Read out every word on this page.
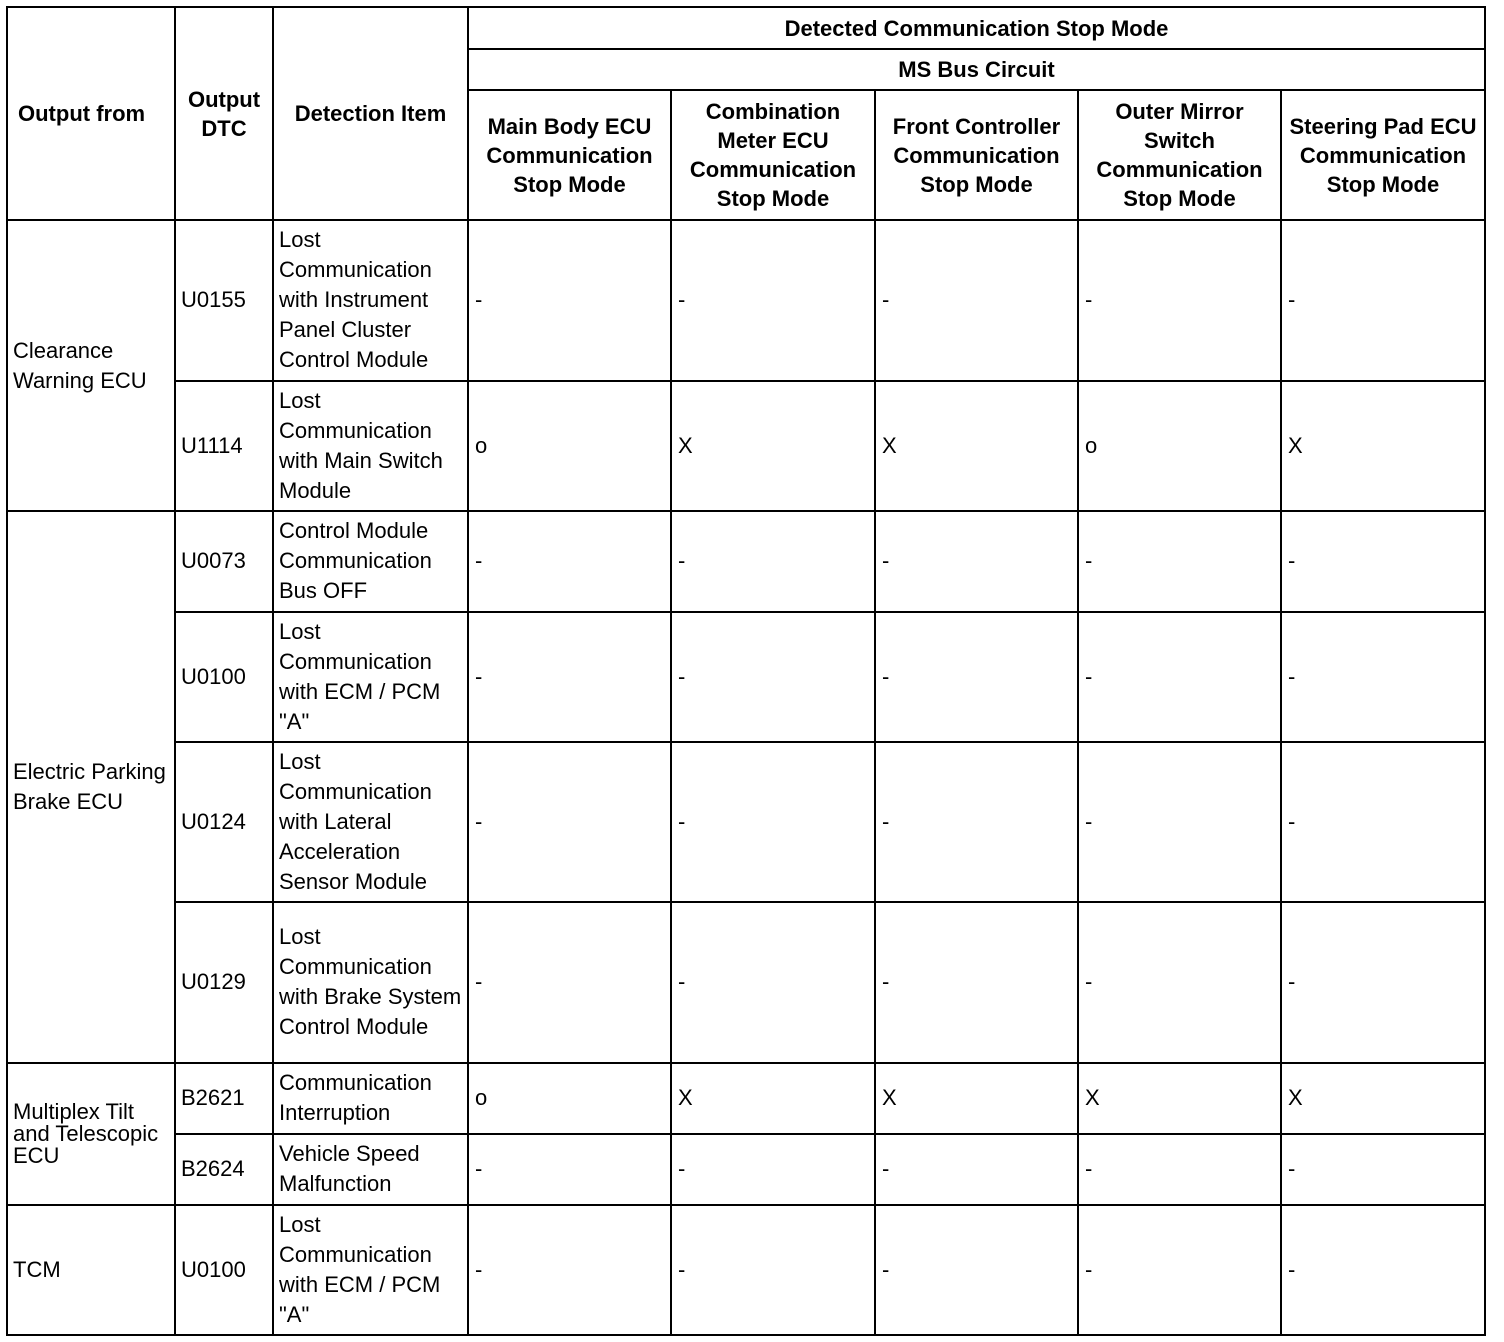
Output from	Output DTC	Detection Item	Detected Communication Stop Mode				
			MS Bus Circuit				
			Main Body ECU Communication Stop Mode	Combination Meter ECU Communication Stop Mode	Front Controller Communication Stop Mode	Outer Mirror Switch Communication Stop Mode	Steering Pad ECU Communication Stop Mode
Clearance Warning ECU	U0155	Lost Communication with Instrument Panel Cluster Control Module	-	-	-	-	-
	U1114	Lost Communication with Main Switch Module	o	X	X	o	X
Electric Parking Brake ECU	U0073	Control Module Communication Bus OFF	-	-	-	-	-
	U0100	Lost Communication with ECM / PCM "A"	-	-	-	-	-
	U0124	Lost Communication with Lateral Acceleration Sensor Module	-	-	-	-	-
	U0129	Lost Communication with Brake System Control Module	-	-	-	-	-
Multiplex Tilt and Telescopic ECU	B2621	Communication Interruption	o	X	X	X	X
	B2624	Vehicle Speed Malfunction	-	-	-	-	-
TCM	U0100	Lost Communication with ECM / PCM "A"	-	-	-	-	-
